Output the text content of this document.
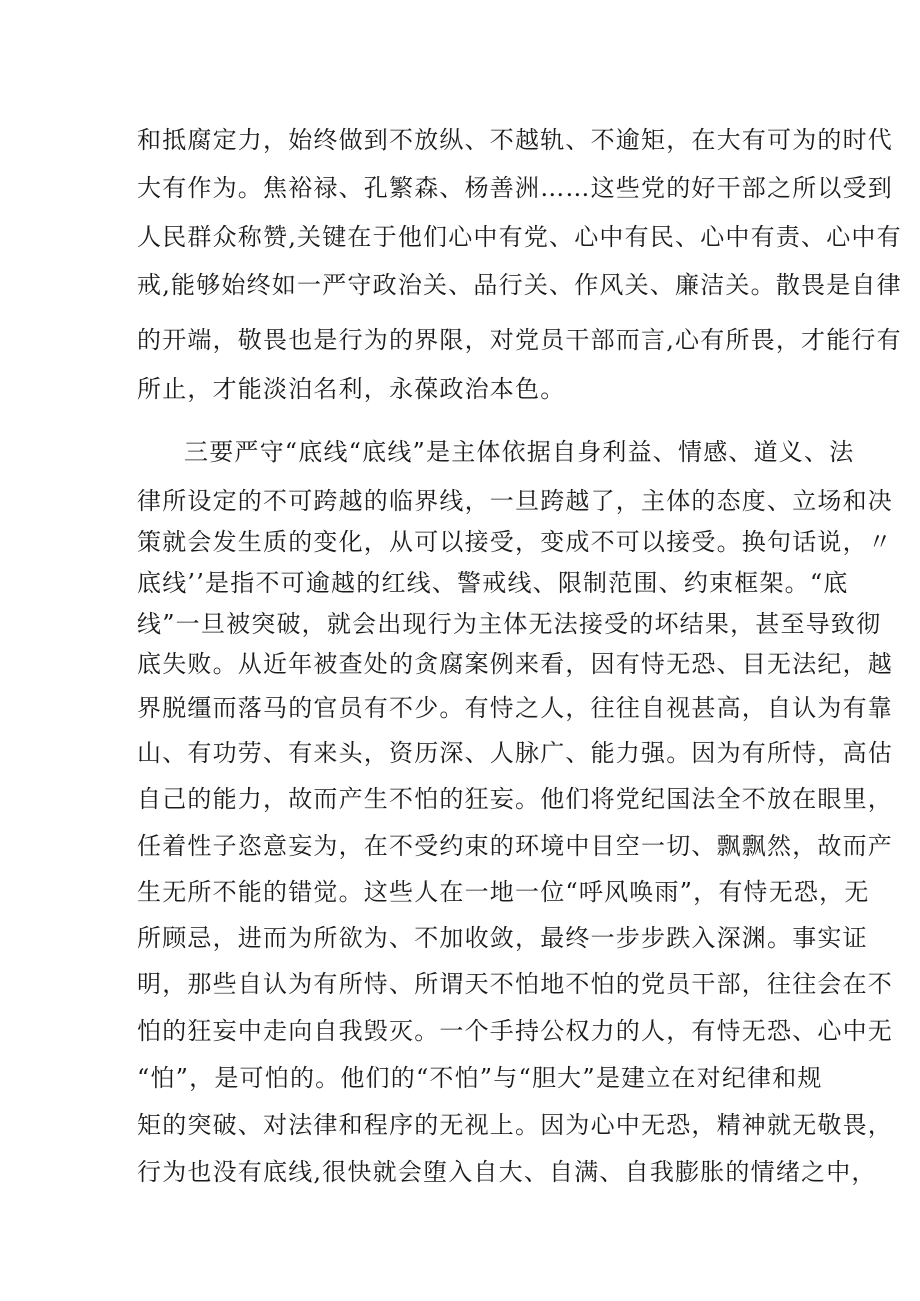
和抵腐定力，始终做到不放纵、不越轨、不逾矩，在大有可为的时代

大有作为。焦裕禄、孔繁森、杨善洲……这些党的好干部之所以受到

人民群众称赞,关键在于他们心中有党、心中有民、心中有责、心中有

戒,能够始终如一严守政治关、品行关、作风关、廉洁关。散畏是自律

的开端，敬畏也是行为的界限，对党员干部而言,心有所畏，才能行有

所止，才能淡泊名利，永葆政治本色。

三要严守“底线“底线”是主体依据自身利益、情感、道义、法

律所设定的不可跨越的临界线，一旦跨越了，主体的态度、立场和决

策就会发生质的变化，从可以接受，变成不可以接受。换句话说，〃

底线’’是指不可逾越的红线、警戒线、限制范围、约束框架。“底

线”一旦被突破，就会出现行为主体无法接受的坏结果，甚至导致彻

底失败。从近年被查处的贪腐案例来看，因有恃无恐、目无法纪，越

界脱缰而落马的官员有不少。有恃之人，往往自视甚高，自认为有靠

山、有功劳、有来头，资历深、人脉广、能力强。因为有所恃，高估

自己的能力，故而产生不怕的狂妄。他们将党纪国法全不放在眼里，

任着性子恣意妄为，在不受约束的环境中目空一切、飘飘然，故而产

生无所不能的错觉。这些人在一地一位“呼风唤雨”，有恃无恐，无

所顾忌，进而为所欲为、不加收敛，最终一步步跌入深渊。事实证

明，那些自认为有所恃、所谓天不怕地不怕的党员干部，往往会在不

怕的狂妄中走向自我毁灭。一个手持公权力的人，有恃无恐、心中无

“怕”，是可怕的。他们的“不怕”与“胆大”是建立在对纪律和规

矩的突破、对法律和程序的无视上。因为心中无恐，精神就无敬畏，

行为也没有底线,很快就会堕入自大、自满、自我膨胀的情绪之中，
